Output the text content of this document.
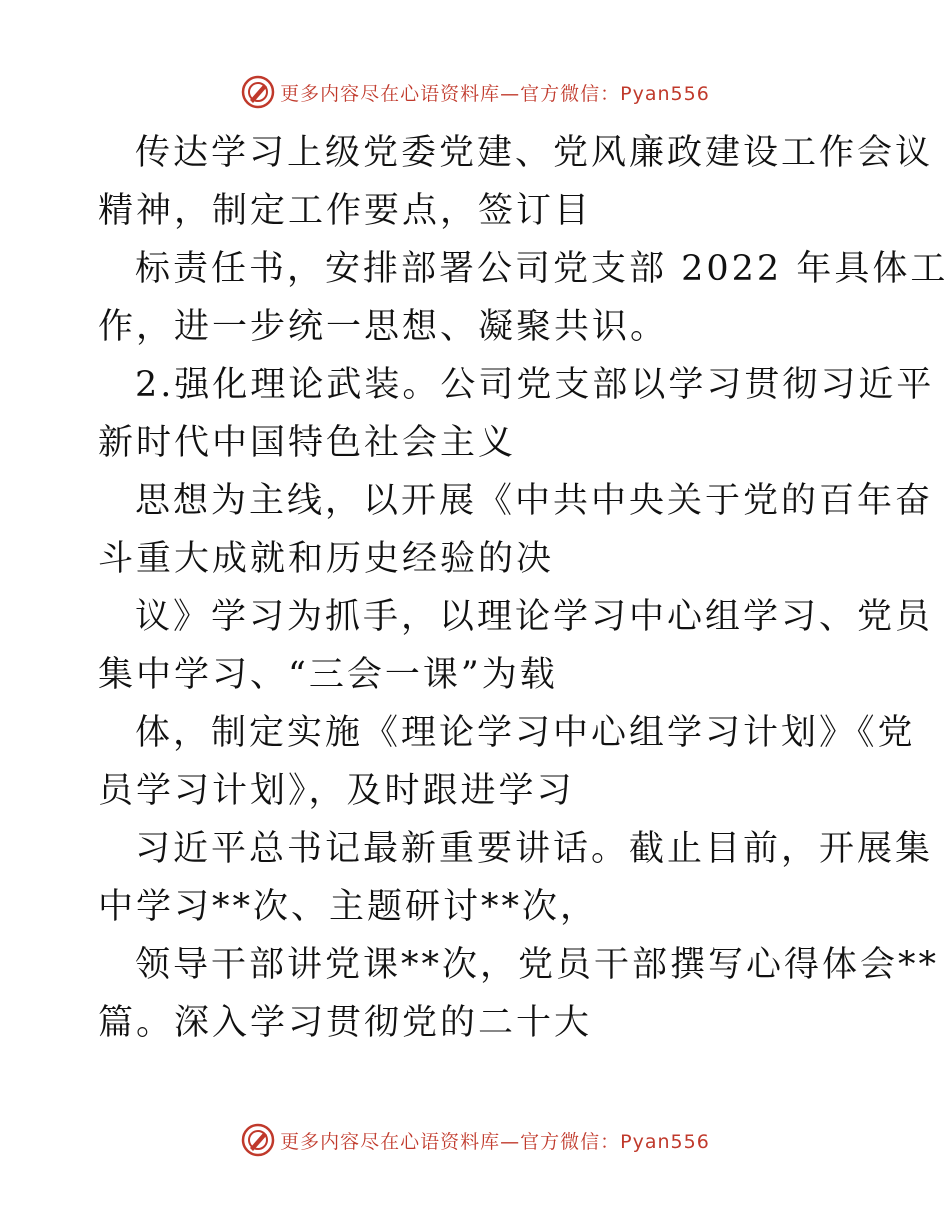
更多内容尽在心语资料库—官方微信：Pyan556
传达学习上级党委党建、党风廉政建设工作会议
精神，制定工作要点，签订目
标责任书，安排部署公司党支部 2022 年具体工
作，进一步统一思想、凝聚共识。
2.强化理论武装。公司党支部以学习贯彻习近平
新时代中国特色社会主义
思想为主线，以开展《中共中央关于党的百年奋
斗重大成就和历史经验的决
议》学习为抓手，以理论学习中心组学习、党员
集中学习、“三会一课”为载
体，制定实施《理论学习中心组学习计划》《党
员学习计划》，及时跟进学习
习近平总书记最新重要讲话。截止目前，开展集
中学习**次、主题研讨**次，
领导干部讲党课**次，党员干部撰写心得体会**
篇。深入学习贯彻党的二十大
更多内容尽在心语资料库—官方微信：Pyan556
